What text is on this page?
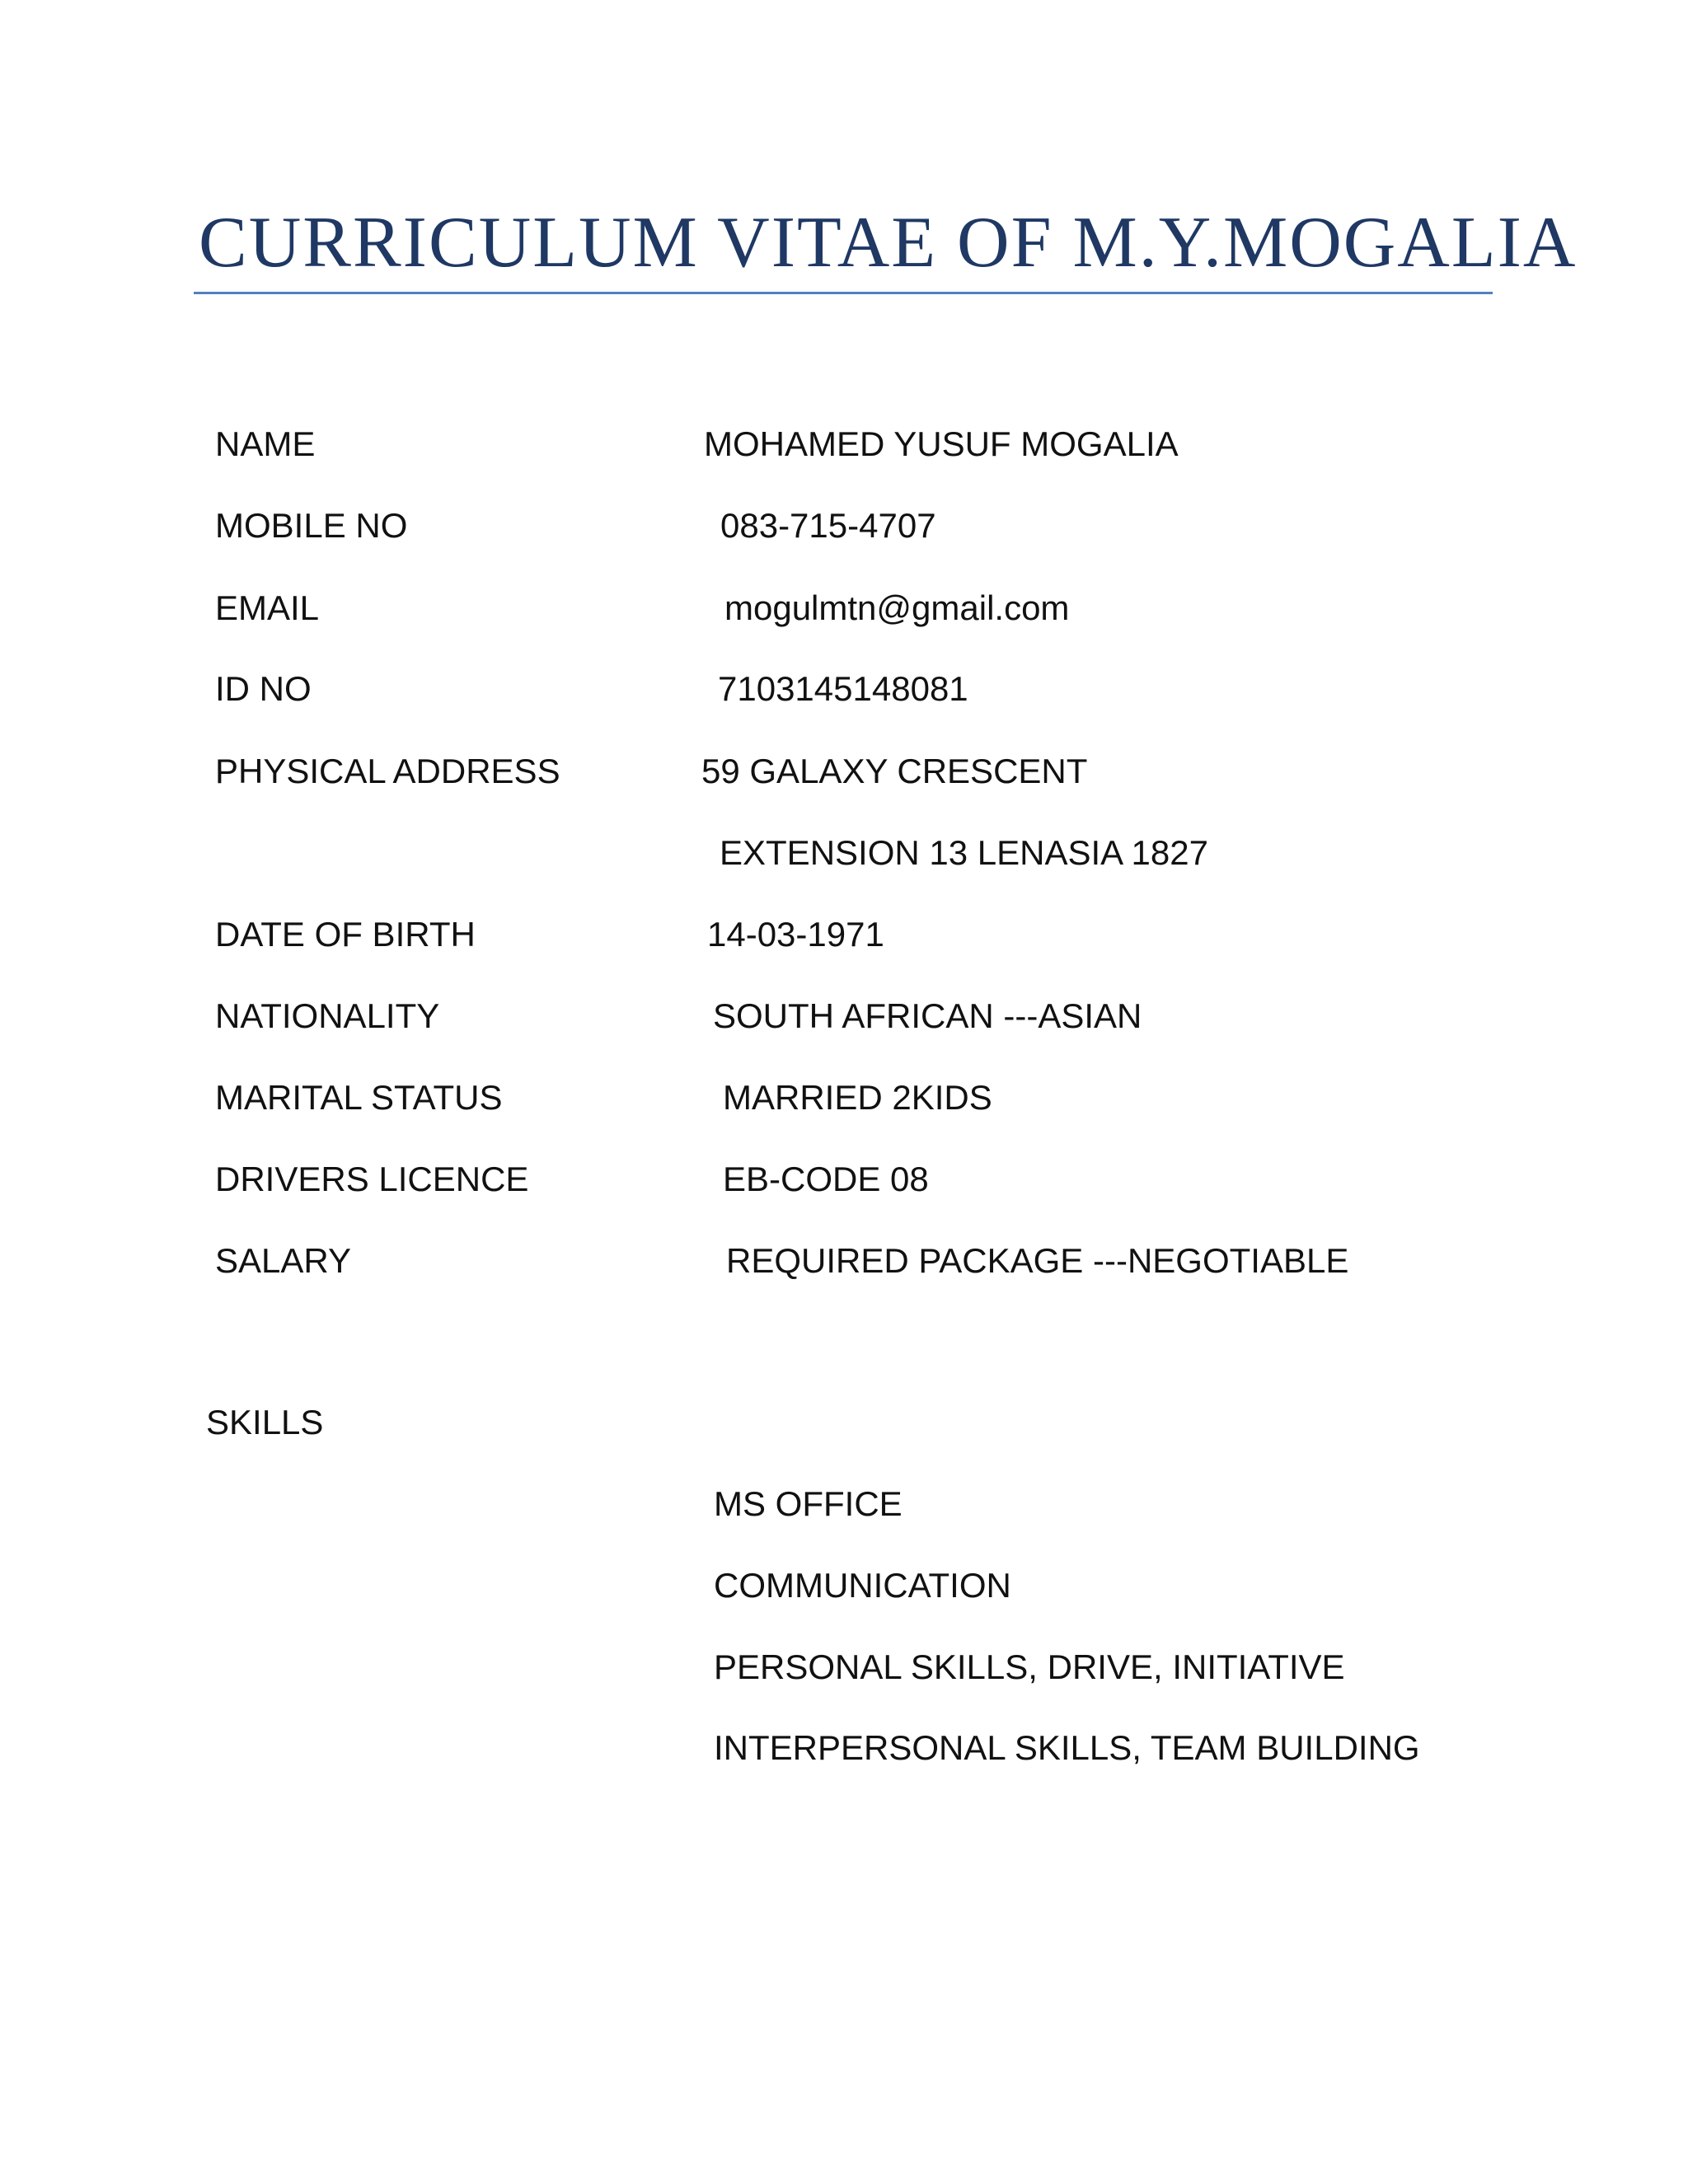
CURRICULUM VITAE OF M.Y.MOGALIA
NAME	MOHAMED YUSUF MOGALIA
MOBILE NO	083-715-4707
EMAIL	mogulmtn@gmail.com
ID NO	7103145148081
PHYSICAL ADDRESS	59 GALAXY CRESCENT
EXTENSION 13 LENASIA 1827
DATE OF BIRTH	14-03-1971
NATIONALITY	SOUTH AFRICAN ---ASIAN
MARITAL STATUS	MARRIED 2KIDS
DRIVERS LICENCE	EB-CODE 08
SALARY	REQUIRED PACKAGE ---NEGOTIABLE
SKILLS
MS OFFICE
COMMUNICATION
PERSONAL SKILLS, DRIVE, INITIATIVE
INTERPERSONAL SKILLS, TEAM BUILDING
